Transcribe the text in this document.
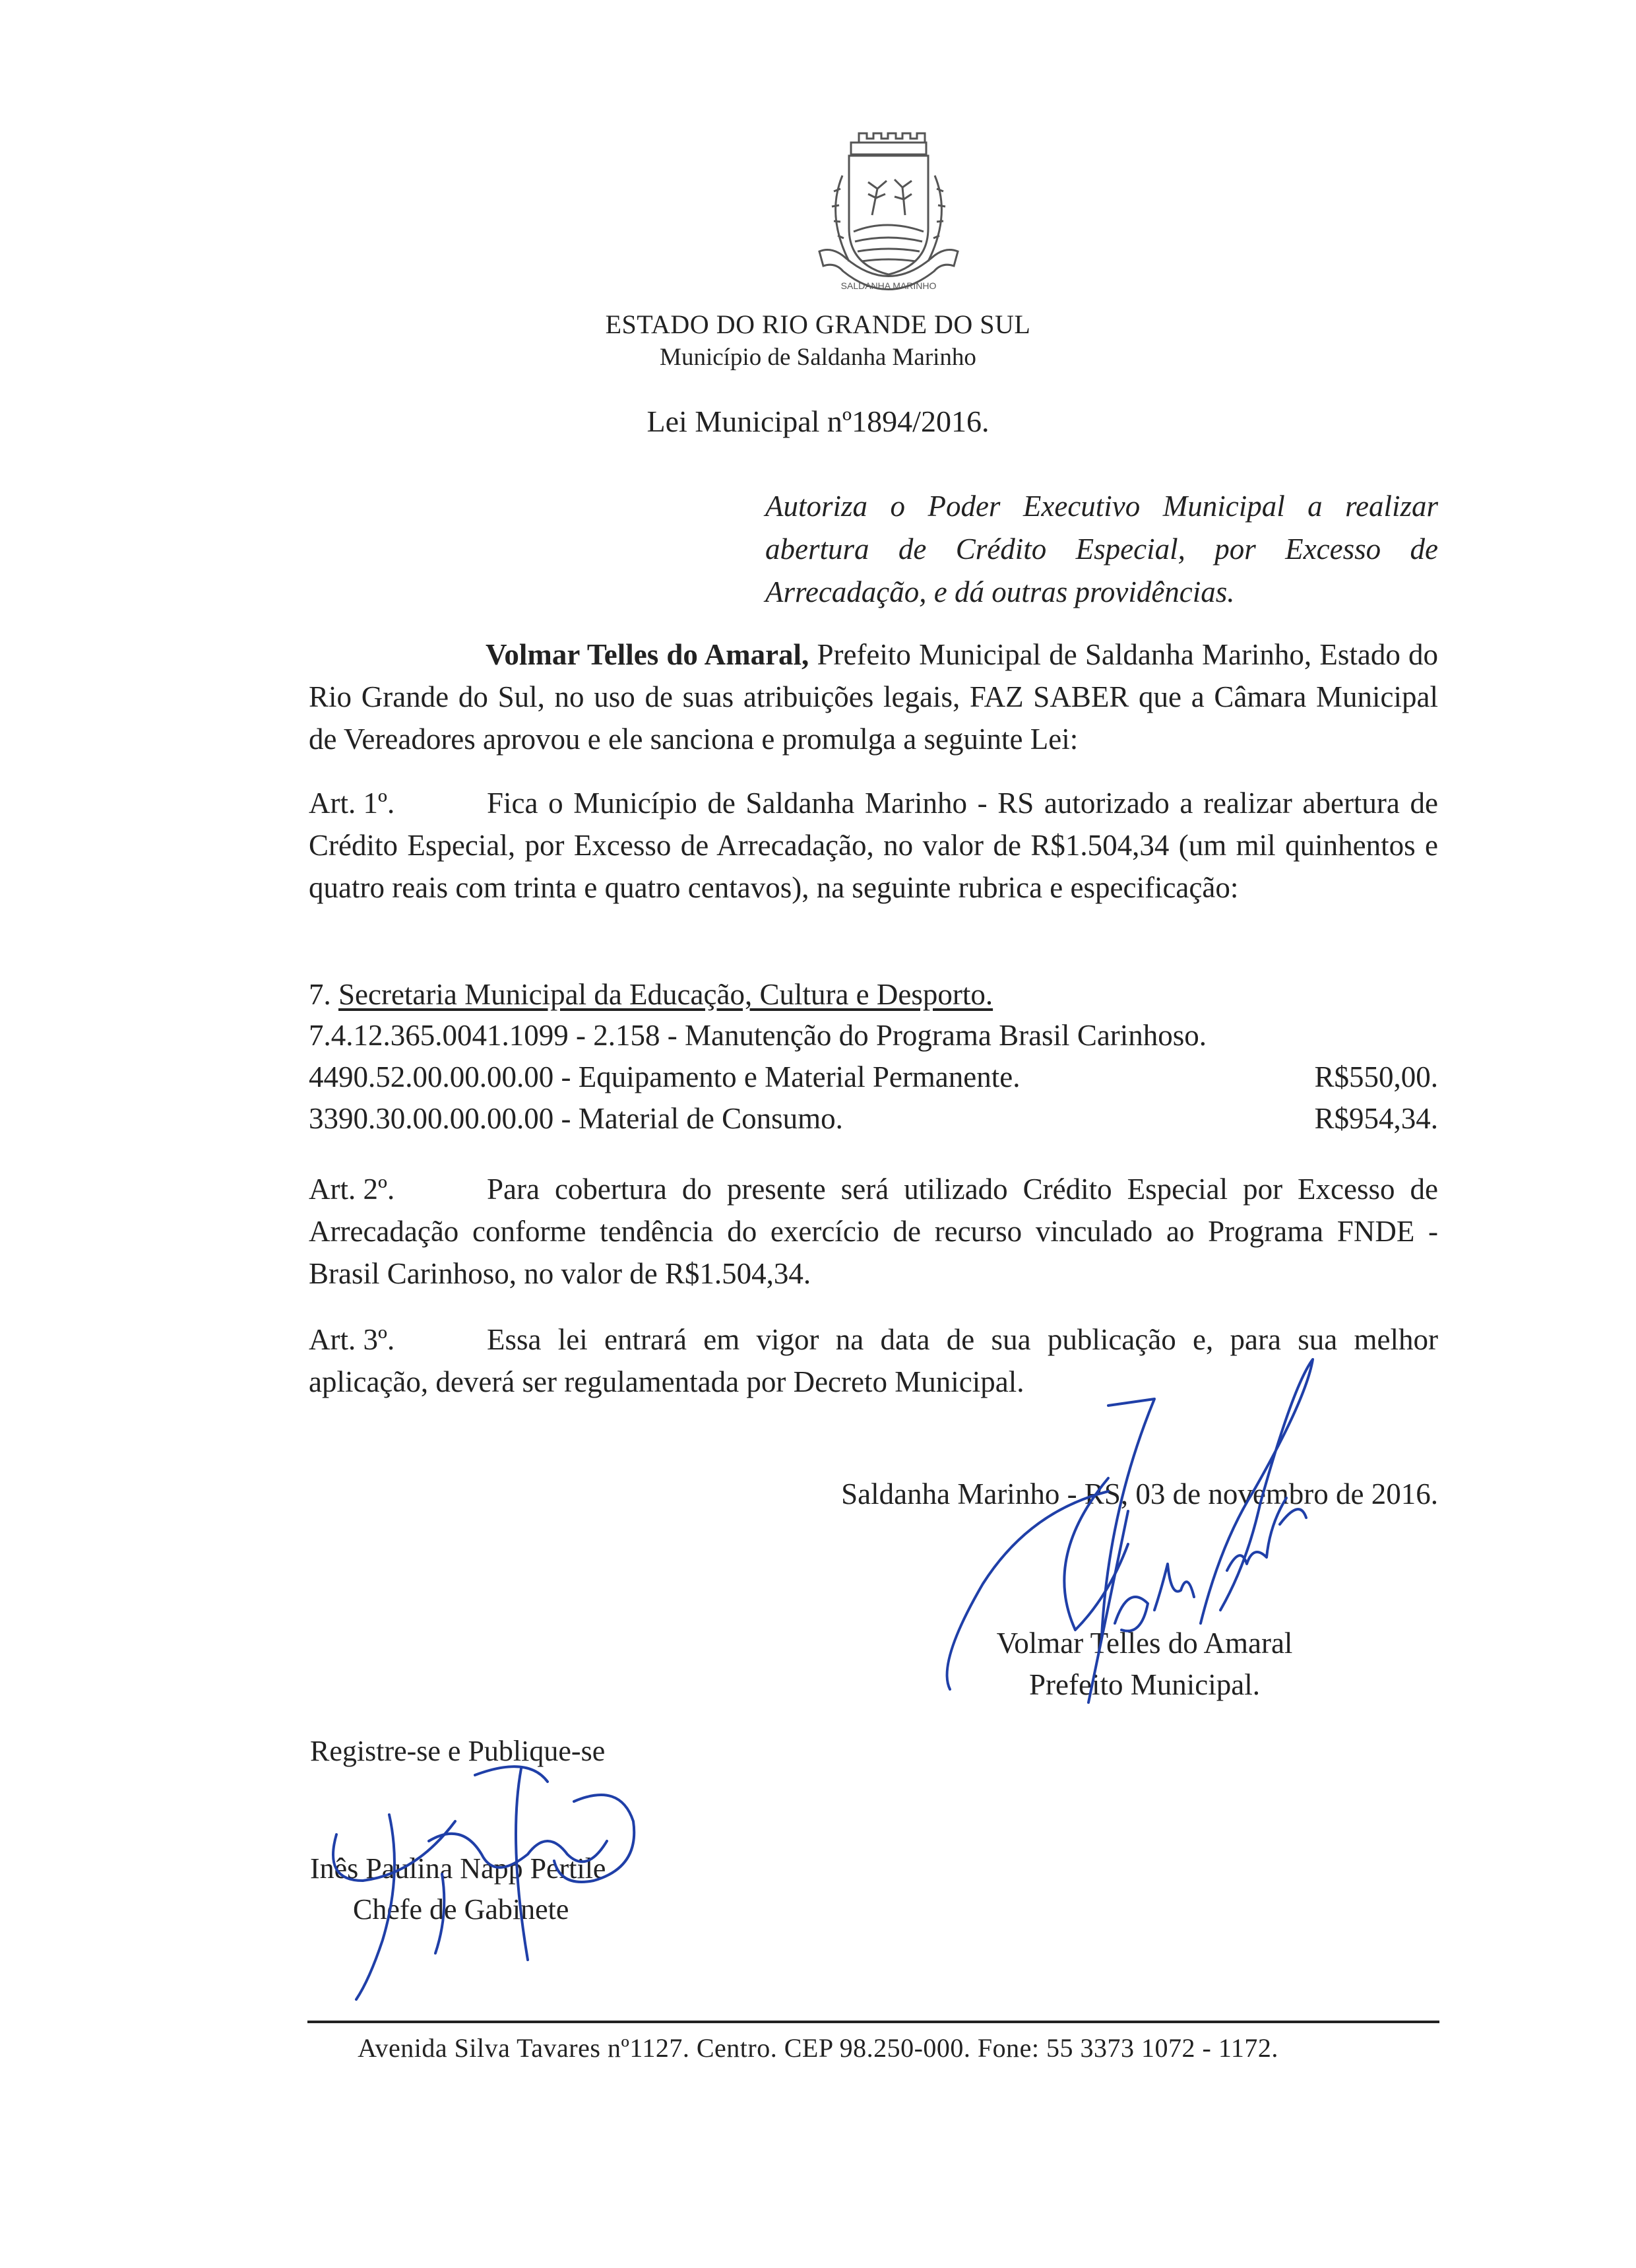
SALDANHA MARINHO
ESTADO DO RIO GRANDE DO SUL
Município de Saldanha Marinho
Lei Municipal nº1894/2016.
Autoriza o Poder Executivo Municipal a realizar abertura de Crédito Especial, por Excesso de Arrecadação, e dá outras providências.
Volmar Telles do Amaral, Prefeito Municipal de Saldanha Marinho, Estado do Rio Grande do Sul, no uso de suas atribuições legais, FAZ SABER que a Câmara Municipal de Vereadores aprovou e ele sanciona e promulga a seguinte Lei:
Art. 1º.	Fica o Município de Saldanha Marinho - RS autorizado a realizar abertura de Crédito Especial, por Excesso de Arrecadação, no valor de R$1.504,34 (um mil quinhentos e quatro reais com trinta e quatro centavos), na seguinte rubrica e especificação:
7. Secretaria Municipal da Educação, Cultura e Desporto.
7.4.12.365.0041.1099 - 2.158 - Manutenção do Programa Brasil Carinhoso.
4490.52.00.00.00.00 - Equipamento e Material Permanente.	R$550,00.
3390.30.00.00.00.00 - Material de Consumo.	R$954,34.
Art. 2º.	Para cobertura do presente será utilizado Crédito Especial por Excesso de Arrecadação conforme tendência do exercício de recurso vinculado ao Programa FNDE - Brasil Carinhoso, no valor de R$1.504,34.
Art. 3º.	Essa lei entrará em vigor na data de sua publicação e, para sua melhor aplicação, deverá ser regulamentada por Decreto Municipal.
Saldanha Marinho - RS, 03 de novembro de 2016.
Volmar Telles do Amaral
Prefeito Municipal.
Registre-se e Publique-se
Inês Paulina Napp Pertile
Chefe de Gabinete
Avenida Silva Tavares nº1127. Centro. CEP 98.250-000. Fone: 55 3373 1072 - 1172.
